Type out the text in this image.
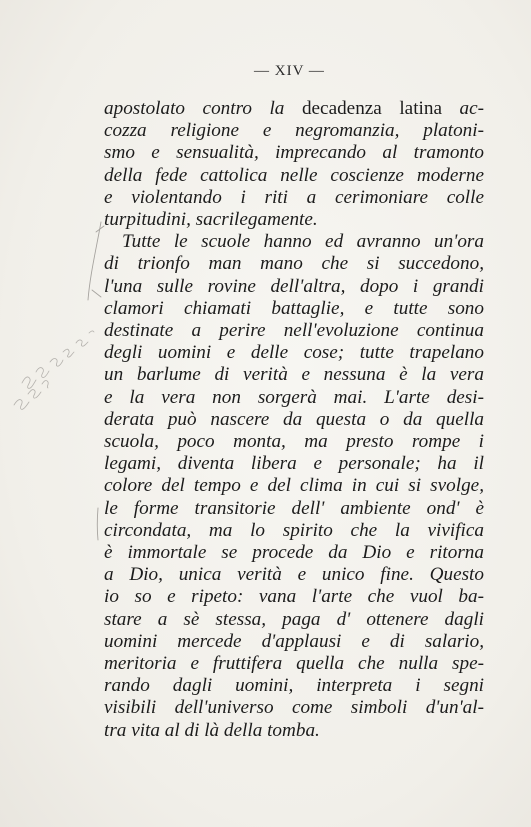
— XIV —
apostolato contro la decadenza latina ac-
cozza religione e negromanzia, platoni-
smo e sensualità, imprecando al tramonto
della fede cattolica nelle coscienze moderne
e violentando i riti a cerimoniare colle
turpitudini, sacrilegamente.
Tutte le scuole hanno ed avranno un'ora
di trionfo man mano che si succedono,
l'una sulle rovine dell'altra, dopo i grandi
clamori chiamati battaglie, e tutte sono
destinate a perire nell'evoluzione continua
degli uomini e delle cose; tutte trapelano
un barlume di verità e nessuna è la vera
e la vera non sorgerà mai. L'arte desi-
derata può nascere da questa o da quella
scuola, poco monta, ma presto rompe i
legami, diventa libera e personale; ha il
colore del tempo e del clima in cui si svolge,
le forme transitorie dell' ambiente ond' è
circondata, ma lo spirito che la vivifica
è immortale se procede da Dio e ritorna
a Dio, unica verità e unico fine. Questo
io so e ripeto: vana l'arte che vuol ba-
stare a sè stessa, paga d' ottenere dagli
uomini mercede d'applausi e di salario,
meritoria e fruttifera quella che nulla spe-
rando dagli uomini, interpreta i segni
visibili dell'universo come simboli d'un'al-
tra vita al di là della tomba.
